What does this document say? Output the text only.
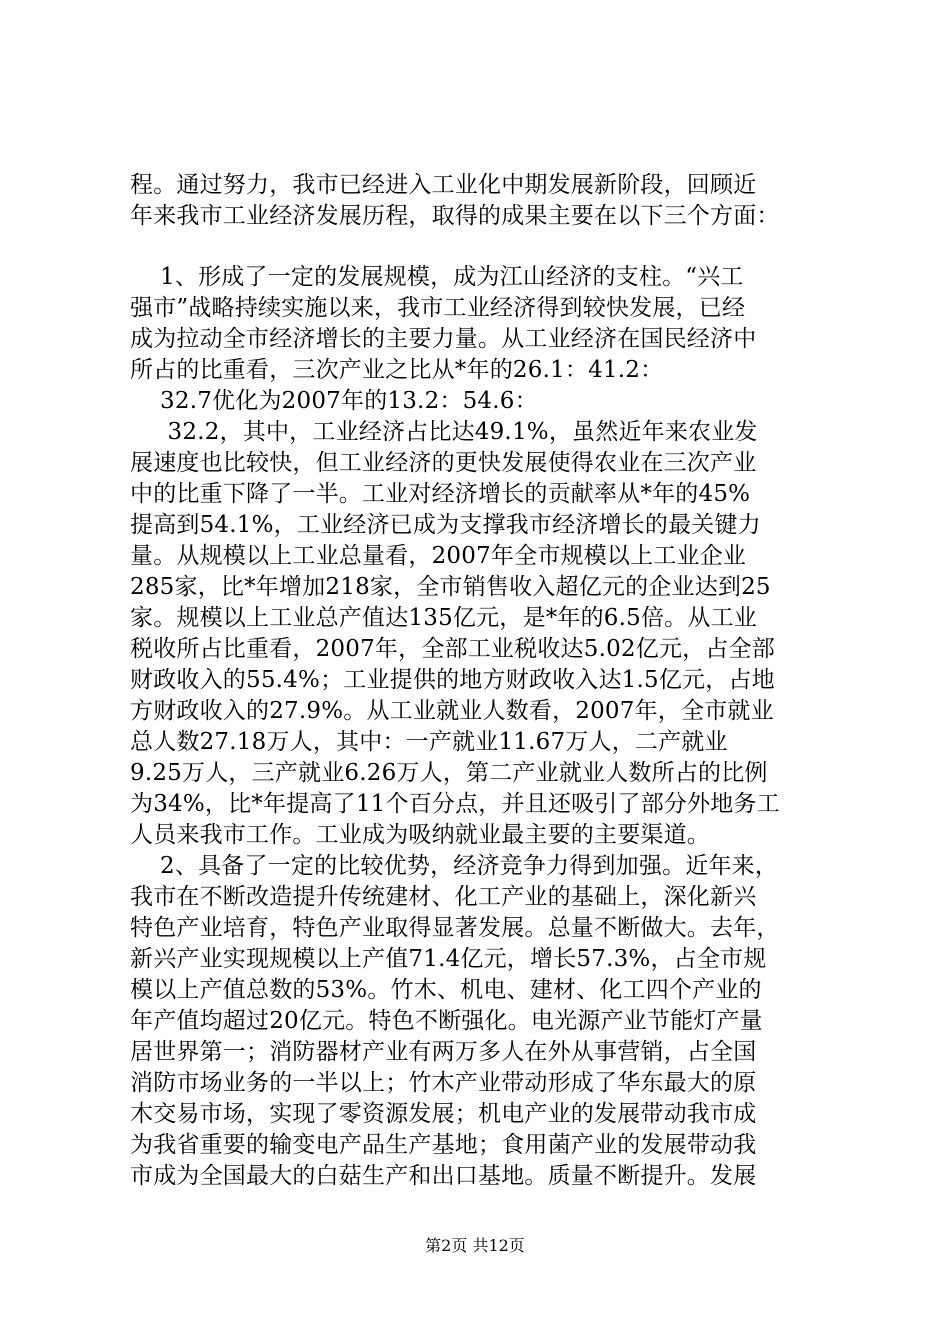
程。通过努力，我市已经进入工业化中期发展新阶段，回顾近
年来我市工业经济发展历程，取得的成果主要在以下三个方面：
1、形成了一定的发展规模，成为江山经济的支柱。“兴工
强市”战略持续实施以来，我市工业经济得到较快发展，已经
成为拉动全市经济增长的主要力量。从工业经济在国民经济中
所占的比重看，三次产业之比从*年的26.1：41.2：
32.7优化为2007年的13.2：54.6：
32.2，其中，工业经济占比达49.1%，虽然近年来农业发
展速度也比较快，但工业经济的更快发展使得农业在三次产业
中的比重下降了一半。工业对经济增长的贡献率从*年的45%
提高到54.1%，工业经济已成为支撑我市经济增长的最关键力
量。从规模以上工业总量看，2007年全市规模以上工业企业
285家，比*年增加218家，全市销售收入超亿元的企业达到25
家。规模以上工业总产值达135亿元，是*年的6.5倍。从工业
税收所占比重看，2007年，全部工业税收达5.02亿元，占全部
财政收入的55.4%；工业提供的地方财政收入达1.5亿元，占地
方财政收入的27.9%。从工业就业人数看，2007年，全市就业
总人数27.18万人，其中：一产就业11.67万人，二产就业
9.25万人，三产就业6.26万人，第二产业就业人数所占的比例
为34%，比*年提高了11个百分点，并且还吸引了部分外地务工
人员来我市工作。工业成为吸纳就业最主要的主要渠道。
2、具备了一定的比较优势，经济竞争力得到加强。近年来，
我市在不断改造提升传统建材、化工产业的基础上，深化新兴
特色产业培育，特色产业取得显著发展。总量不断做大。去年，
新兴产业实现规模以上产值71.4亿元，增长57.3%，占全市规
模以上产值总数的53%。竹木、机电、建材、化工四个产业的
年产值均超过20亿元。特色不断强化。电光源产业节能灯产量
居世界第一；消防器材产业有两万多人在外从事营销，占全国
消防市场业务的一半以上；竹木产业带动形成了华东最大的原
木交易市场，实现了零资源发展；机电产业的发展带动我市成
为我省重要的输变电产品生产基地；食用菌产业的发展带动我
市成为全国最大的白菇生产和出口基地。质量不断提升。发展
第2页 共12页
